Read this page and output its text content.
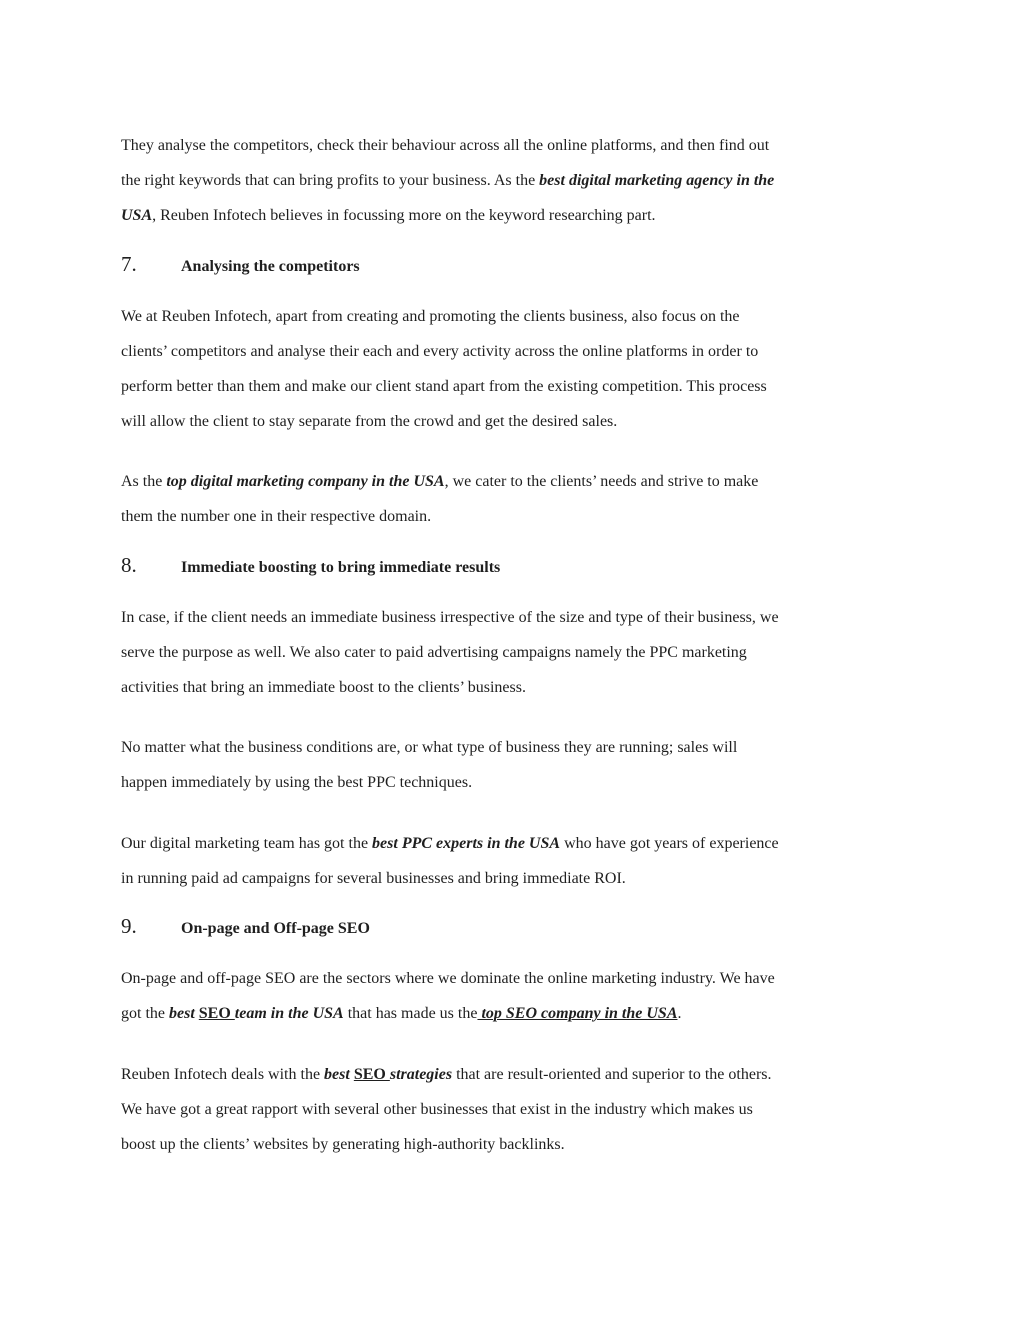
They analyse the competitors, check their behaviour across all the online platforms, and then find out

the right keywords that can bring profits to your business. As the best digital marketing agency in the

USA, Reuben Infotech believes in focussing more on the keyword researching part.

7.	Analysing the competitors

We at Reuben Infotech, apart from creating and promoting the clients business, also focus on the

clients’ competitors and analyse their each and every activity across the online platforms in order to

perform better than them and make our client stand apart from the existing competition. This process

will allow the client to stay separate from the crowd and get the desired sales.

As the top digital marketing company in the USA, we cater to the clients’ needs and strive to make

them the number one in their respective domain.

8.	Immediate boosting to bring immediate results

In case, if the client needs an immediate business irrespective of the size and type of their business, we

serve the purpose as well. We also cater to paid advertising campaigns namely the PPC marketing

activities that bring an immediate boost to the clients’ business.

No matter what the business conditions are, or what type of business they are running; sales will

happen immediately by using the best PPC techniques.

Our digital marketing team has got the best PPC experts in the USA who have got years of experience

in running paid ad campaigns for several businesses and bring immediate ROI.

9.	On-page and Off-page SEO

On-page and off-page SEO are the sectors where we dominate the online marketing industry. We have

got the best SEO team in the USA that has made us the top SEO company in the USA.

Reuben Infotech deals with the best SEO strategies that are result-oriented and superior to the others.

We have got a great rapport with several other businesses that exist in the industry which makes us

boost up the clients’ websites by generating high-authority backlinks.
